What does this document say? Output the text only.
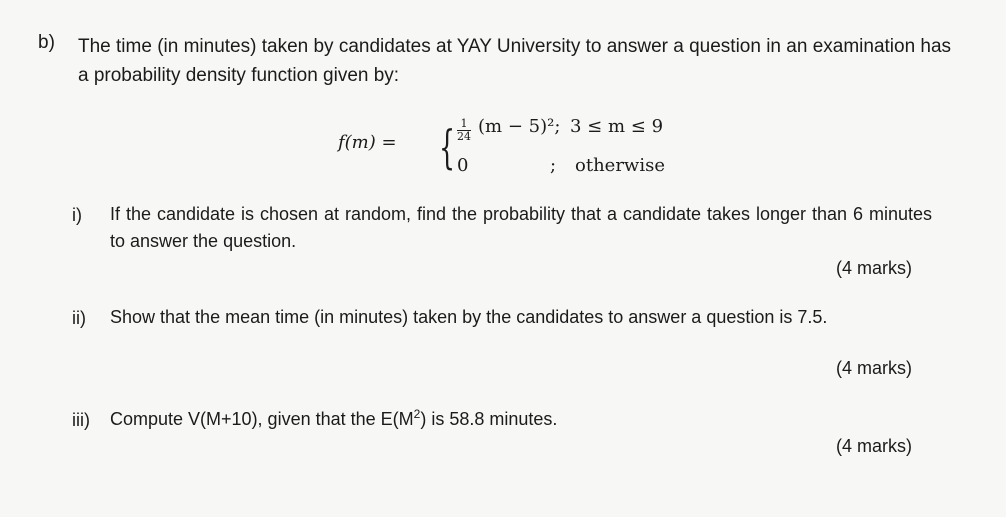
b) The time (in minutes) taken by candidates at YAY University to answer a question in an examination has a probability density function given by:
f(m) = { 1
24 (m − 5)²; 3 ≤ m ≤ 9
0	; otherwise
i) If the candidate is chosen at random, find the probability that a candidate takes longer than 6 minutes to answer the question.
(4 marks)
ii) Show that the mean time (in minutes) taken by the candidates to answer a question is 7.5.
(4 marks)
iii) Compute V(M+10), given that the $E(M^2)$ is 58.8 minutes.
(4 marks)
